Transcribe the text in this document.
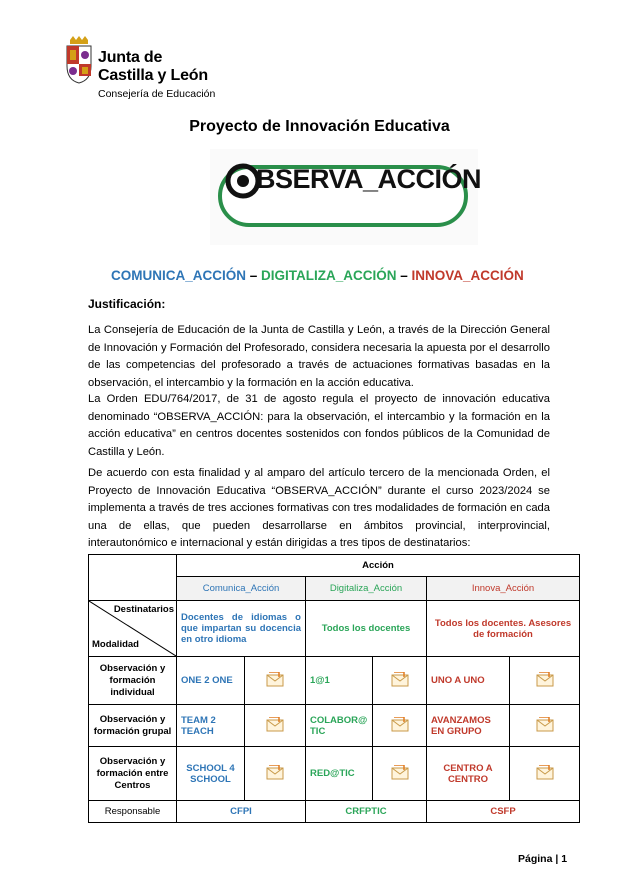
Junta de
Castilla y León
Consejería de Educación
Proyecto de Innovación Educativa
BSERVA_ACCIÓN
COMUNICA_ACCIÓN – DIGITALIZA_ACCIÓN – INNOVA_ACCIÓN
Justificación:
La Consejería de Educación de la Junta de Castilla y León, a través de la Dirección General de Innovación y Formación del Profesorado, considera necesaria la apuesta por el desarrollo de las competencias del profesorado a través de actuaciones formativas basadas en la observación, el intercambio y la formación en la acción educativa.
La Orden EDU/764/2017, de 31 de agosto regula el proyecto de innovación educativa denominado “OBSERVA_ACCIÓN: para la observación, el intercambio y la formación en la acción educativa” en centros docentes sostenidos con fondos públicos de la Comunidad de Castilla y León.
De acuerdo con esta finalidad y al amparo del artículo tercero de la mencionada Orden, el Proyecto de Innovación Educativa “OBSERVA_ACCIÓN” durante el curso 2023/2024 se implementa a través de tres acciones formativas con tres modalidades de formación en cada una de ellas, que pueden desarrollarse en ámbitos provincial, interprovincial, interautonómico e internacional y están dirigidas a tres tipos de destinatarios:
	Acción					
	Comunica_Acción		Digitaliza_Acción		Innova_Acción	

Destinatarios
Modalidad	Docentes de idiomas o que impartan su docencia en otro idioma		Todos los docentes		Todos los docentes. Asesores de formación	
Observación y formación individual	ONE 2 ONE		1@1		UNO A UNO	
Observación y formación grupal	TEAM 2 TEACH		COLABOR@ TIC		AVANZAMOS EN GRUPO	
Observación y formación entre Centros	SCHOOL 4 SCHOOL		RED@TIC		CENTRO A CENTRO	
Responsable	CFPI		CRFPTIC		CSFP	
Página | 1
